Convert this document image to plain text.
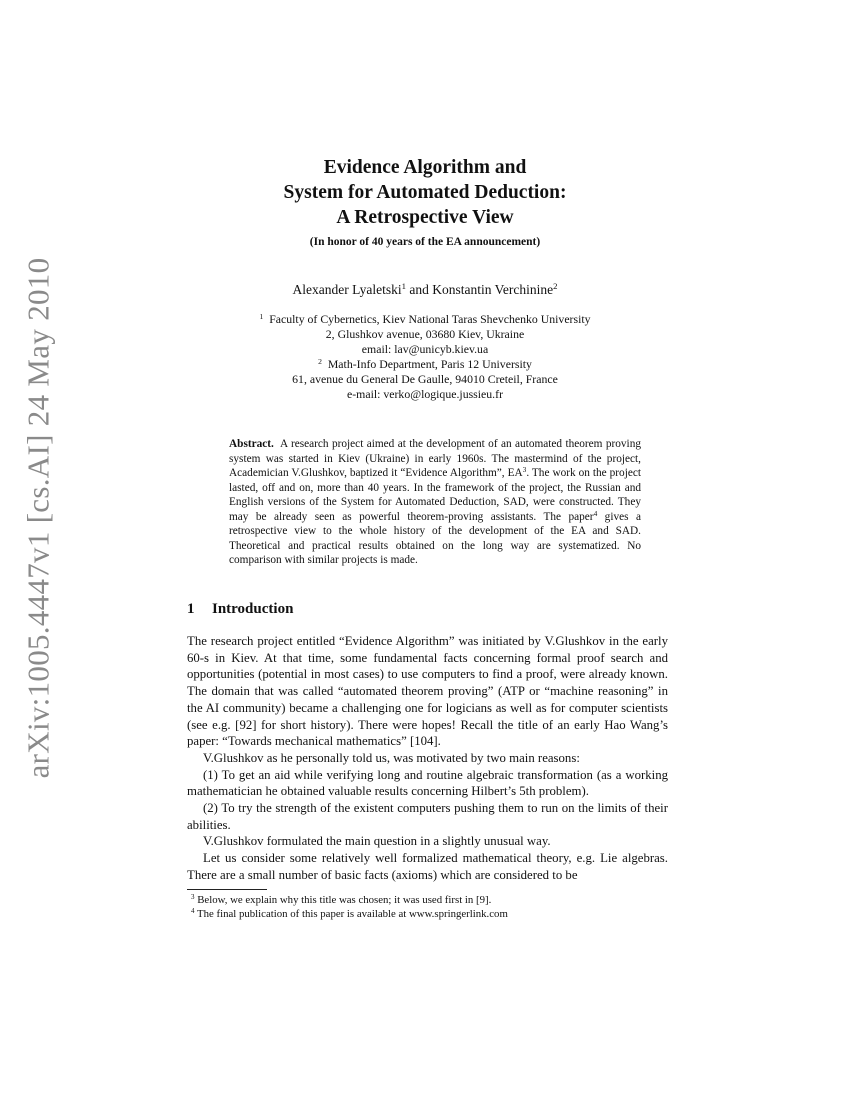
arXiv:1005.4447v1 [cs.AI] 24 May 2010
Evidence Algorithm and
System for Automated Deduction:
A Retrospective View
(In honor of 40 years of the EA announcement)
Alexander Lyaletski$^1$ and Konstantin Verchinine$^2$
$^1$ Faculty of Cybernetics, Kiev National Taras Shevchenko University
2, Glushkov avenue, 03680 Kiev, Ukraine
email: lav@unicyb.kiev.ua
$^2$ Math-Info Department, Paris 12 University
61, avenue du General De Gaulle, 94010 Creteil, France
e-mail: verko@logique.jussieu.fr
Abstract. A research project aimed at the development of an automated theorem proving system was started in Kiev (Ukraine) in early 1960s. The mastermind of the project, Academician V.Glushkov, baptized it “Evidence Algorithm”, $EA^3$. The work on the project lasted, off and on, more than 40 years. In the framework of the project, the Russian and English versions of the System for Automated Deduction, SAD, were constructed. They may be already seen as powerful theorem-proving assistants. The paper$^4$ gives a retrospective view to the whole history of the development of the EA and SAD. Theoretical and practical results obtained on the long way are systematized. No comparison with similar projects is made.
1 Introduction

The research project entitled “Evidence Algorithm” was initiated by V.Glushkov in the early 60-s in Kiev. At that time, some fundamental facts concerning formal proof search and opportunities (potential in most cases) to use computers to find a proof, were already known. The domain that was called “automated theorem proving” (ATP or “machine reasoning” in the AI community) became a challenging one for logicians as well as for computer scientists (see e.g. [92] for short history). There were hopes! Recall the title of an early Hao Wang’s paper: “Towards mechanical mathematics” [104].

V.Glushkov as he personally told us, was motivated by two main reasons:

(1) To get an aid while verifying long and routine algebraic transformation (as a working mathematician he obtained valuable results concerning Hilbert’s 5th problem).

(2) To try the strength of the existent computers pushing them to run on the limits of their abilities.

V.Glushkov formulated the main question in a slightly unusual way.

Let us consider some relatively well formalized mathematical theory, e.g. Lie algebras. There are a small number of basic facts (axioms) which are considered to be

$^3$ Below, we explain why this title was chosen; it was used first in [9].
$^4$ The final publication of this paper is available at www.springerlink.com
